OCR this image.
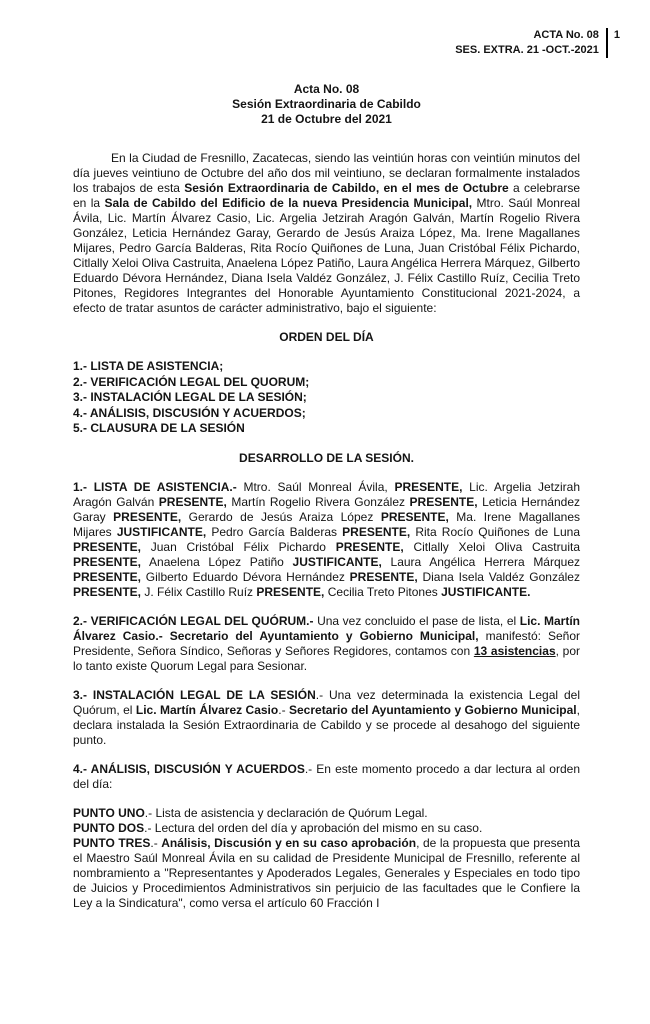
ACTA No. 08
SES. EXTRA. 21 -OCT.-2021
1
Acta No. 08
Sesión Extraordinaria de Cabildo
21 de Octubre del 2021

En la Ciudad de Fresnillo, Zacatecas, siendo las veintiún horas con veintiún minutos del día jueves veintiuno de Octubre del año dos mil veintiuno, se declaran formalmente instalados los trabajos de esta Sesión Extraordinaria de Cabildo, en el mes de Octubre a celebrarse en la Sala de Cabildo del Edificio de la nueva Presidencia Municipal, Mtro. Saúl Monreal Ávila, Lic. Martín Álvarez Casio, Lic. Argelia Jetzirah Aragón Galván, Martín Rogelio Rivera González, Leticia Hernández Garay, Gerardo de Jesús Araiza López, Ma. Irene Magallanes Mijares, Pedro García Balderas, Rita Rocío Quiñones de Luna, Juan Cristóbal Félix Pichardo, Citlally Xeloi Oliva Castruita, Anaelena López Patiño, Laura Angélica Herrera Márquez, Gilberto Eduardo Dévora Hernández, Diana Isela Valdéz González, J. Félix Castillo Ruíz, Cecilia Treto Pitones, Regidores Integrantes del Honorable Ayuntamiento Constitucional 2021-2024, a efecto de tratar asuntos de carácter administrativo, bajo el siguiente:

ORDEN DEL DÍA
1.- LISTA DE ASISTENCIA;
2.- VERIFICACIÓN LEGAL DEL QUORUM;
3.- INSTALACIÓN LEGAL DE LA SESIÓN;
4.- ANÁLISIS, DISCUSIÓN Y ACUERDOS;
5.- CLAUSURA DE LA SESIÓN
DESARROLLO DE LA SESIÓN.

1.- LISTA DE ASISTENCIA.- Mtro. Saúl Monreal Ávila, PRESENTE, Lic. Argelia Jetzirah Aragón Galván PRESENTE, Martín Rogelio Rivera González PRESENTE, Leticia Hernández Garay PRESENTE, Gerardo de Jesús Araiza López PRESENTE, Ma. Irene Magallanes Mijares JUSTIFICANTE, Pedro García Balderas PRESENTE, Rita Rocío Quiñones de Luna PRESENTE, Juan Cristóbal Félix Pichardo PRESENTE, Citlally Xeloi Oliva Castruita PRESENTE, Anaelena López Patiño JUSTIFICANTE, Laura Angélica Herrera Márquez PRESENTE, Gilberto Eduardo Dévora Hernández PRESENTE, Diana Isela Valdéz González PRESENTE, J. Félix Castillo Ruíz PRESENTE, Cecilia Treto Pitones JUSTIFICANTE.

2.- VERIFICACIÓN LEGAL DEL QUÓRUM.- Una vez concluido el pase de lista, el Lic. Martín Álvarez Casio.- Secretario del Ayuntamiento y Gobierno Municipal, manifestó: Señor Presidente, Señora Síndico, Señoras y Señores Regidores, contamos con 13 asistencias, por lo tanto existe Quorum Legal para Sesionar.

3.- INSTALACIÓN LEGAL DE LA SESIÓN.- Una vez determinada la existencia Legal del Quórum, el Lic. Martín Álvarez Casio.- Secretario del Ayuntamiento y Gobierno Municipal, declara instalada la Sesión Extraordinaria de Cabildo y se procede al desahogo del siguiente punto.

4.- ANÁLISIS, DISCUSIÓN Y ACUERDOS.- En este momento procedo a dar lectura al orden del día:

PUNTO UNO.- Lista de asistencia y declaración de Quórum Legal.

PUNTO DOS.- Lectura del orden del día y aprobación del mismo en su caso.

PUNTO TRES.- Análisis, Discusión y en su caso aprobación, de la propuesta que presenta el Maestro Saúl Monreal Ávila en su calidad de Presidente Municipal de Fresnillo, referente al nombramiento a "Representantes y Apoderados Legales, Generales y Especiales en todo tipo de Juicios y Procedimientos Administrativos sin perjuicio de las facultades que le Confiere la Ley a la Sindicatura", como versa el artículo 60 Fracción I
